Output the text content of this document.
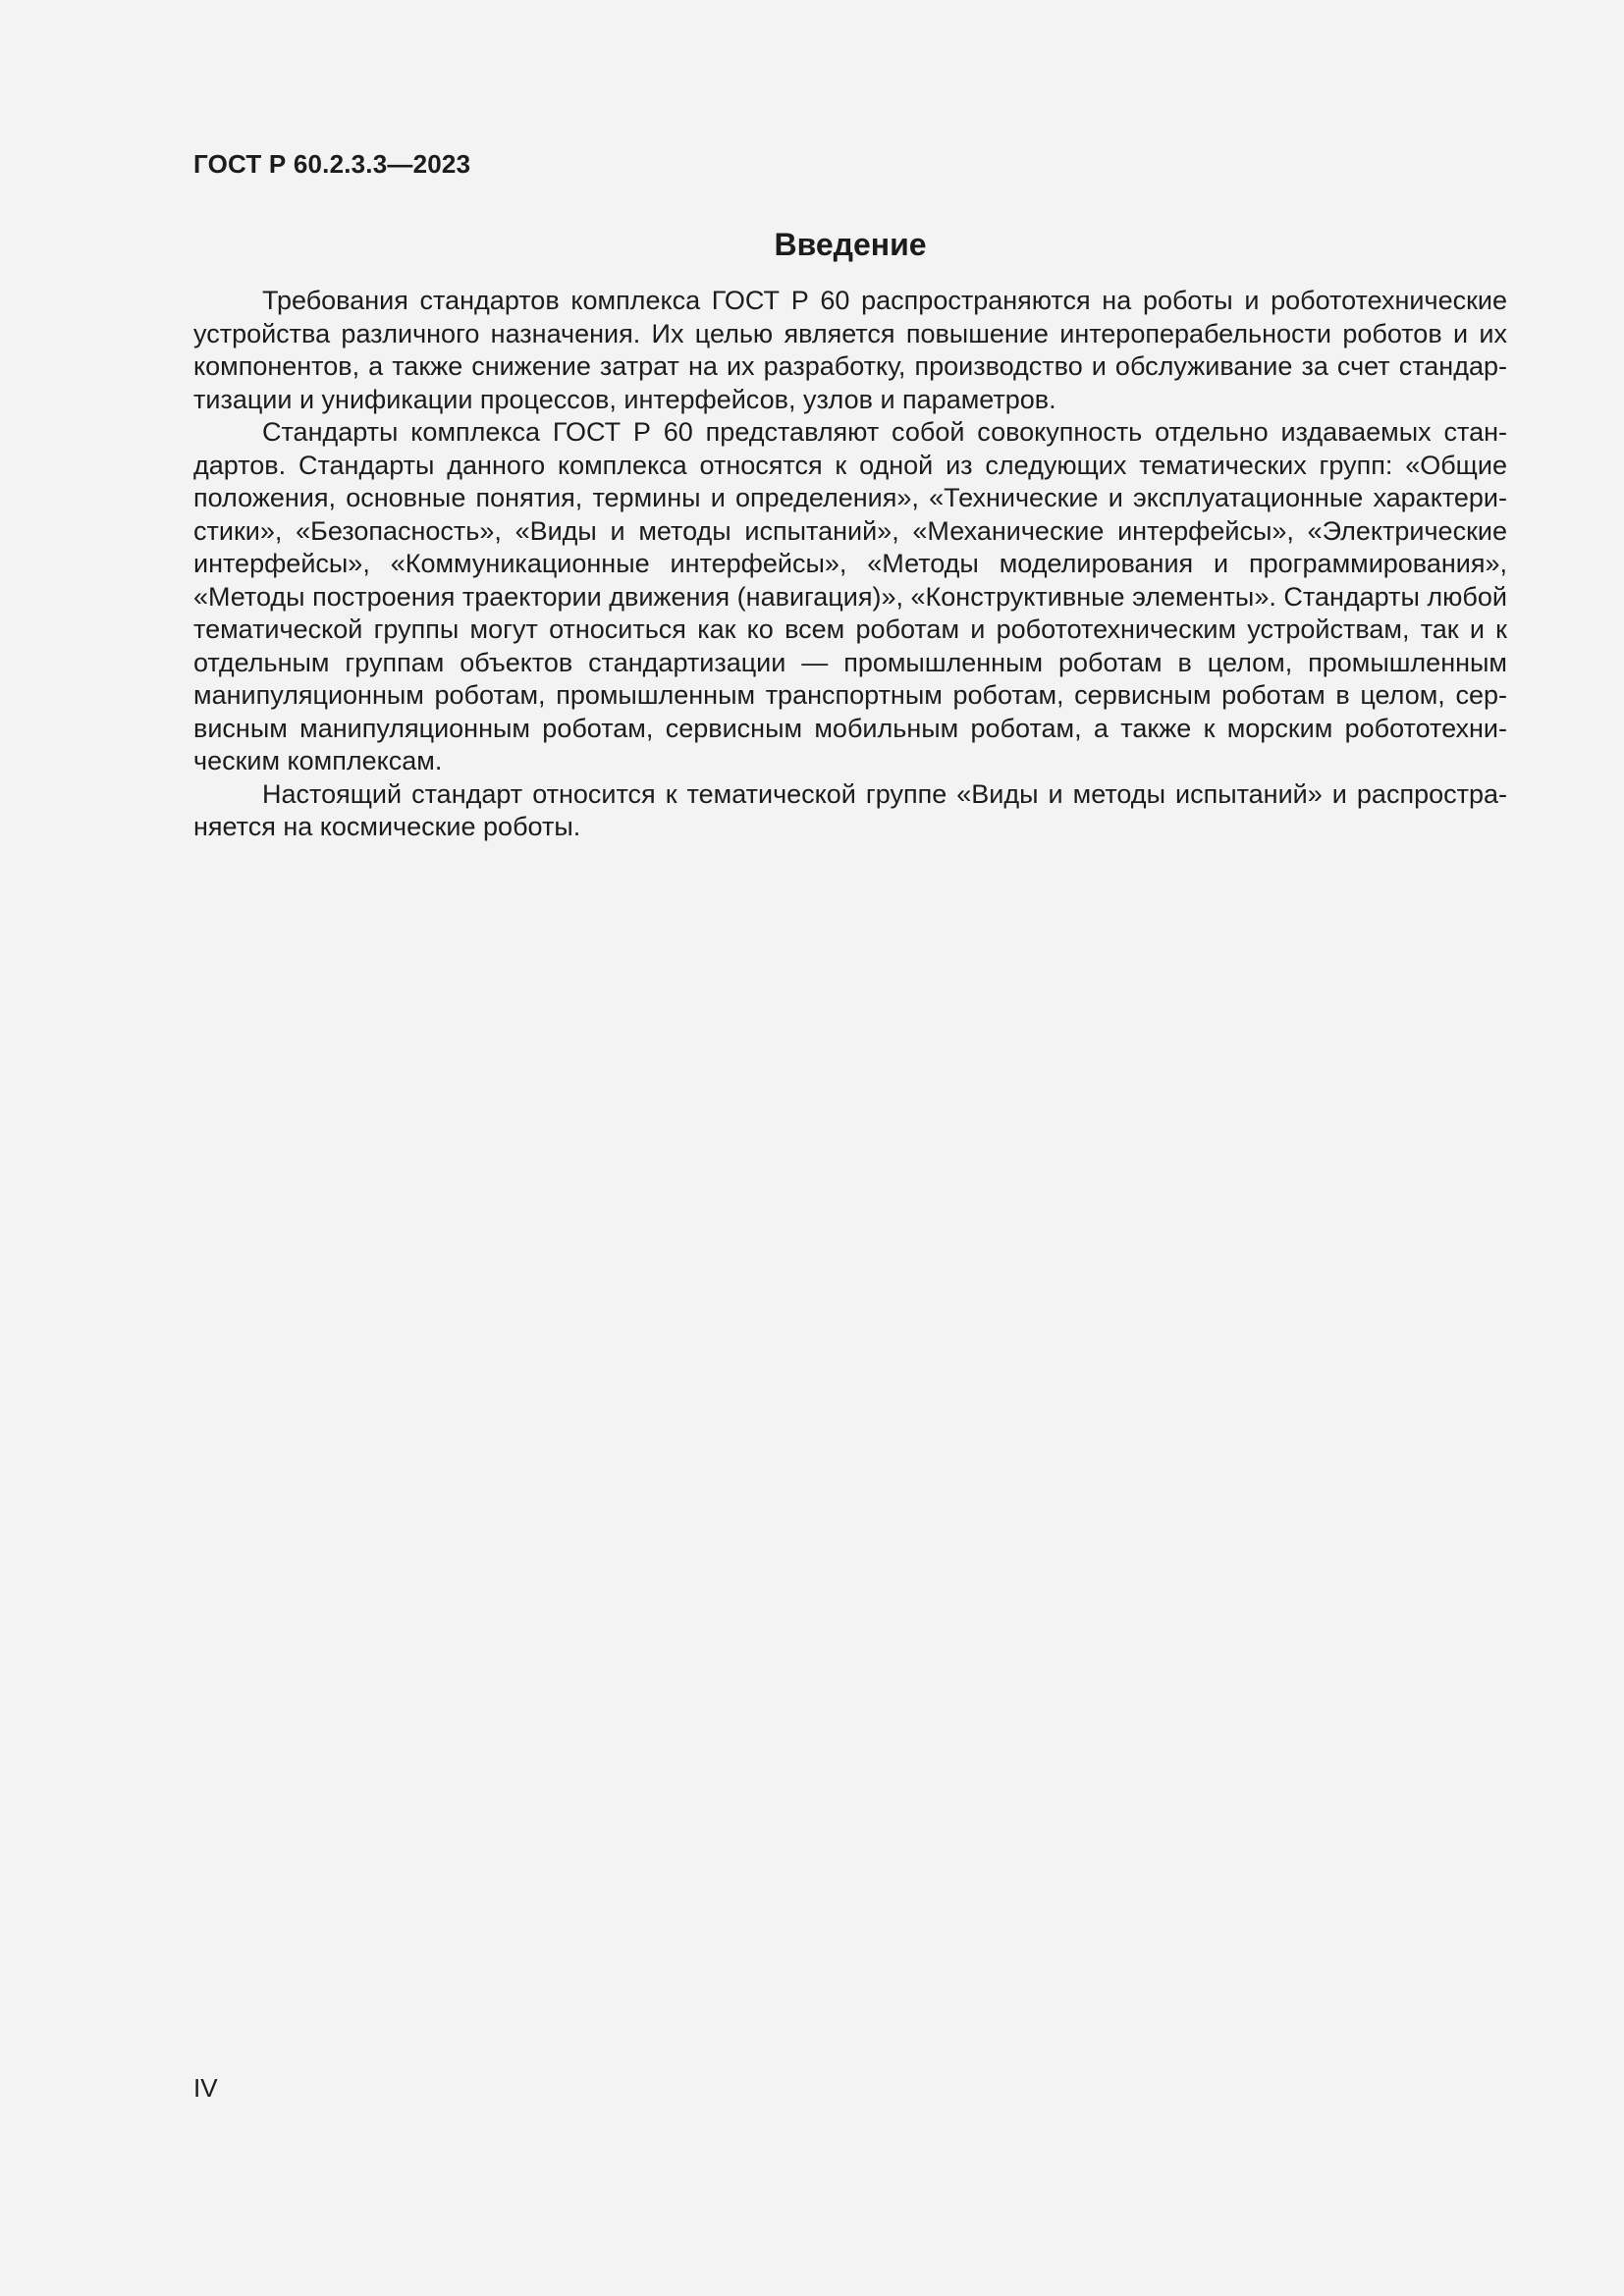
ГОСТ Р 60.2.3.3—2023
Введение

Требования стандартов комплекса ГОСТ Р 60 распространяются на роботы и робототехнические устройства различного назначения. Их целью является повышение интероперабельности роботов и их компонентов, а также снижение затрат на их разработку, производство и обслуживание за счет стандартизации и унификации процессов, интерфейсов, узлов и параметров.

Стандарты комплекса ГОСТ Р 60 представляют собой совокупность отдельно издаваемых стандартов. Стандарты данного комплекса относятся к одной из следующих тематических групп: «Общие положения, основные понятия, термины и определения», «Технические и эксплуатационные характеристики», «Безопасность», «Виды и методы испытаний», «Механические интерфейсы», «Электрические интерфейсы», «Коммуникационные интерфейсы», «Методы моделирования и программирования», «Методы построения траектории движения (навигация)», «Конструктивные элементы». Стандарты любой тематической группы могут относиться как ко всем роботам и робототехническим устройствам, так и к отдельным группам объектов стандартизации — промышленным роботам в целом, промышленным манипуляционным роботам, промышленным транспортным роботам, сервисным роботам в целом, сервисным манипуляционным роботам, сервисным мобильным роботам, а также к морским робототехническим комплексам.

Настоящий стандарт относится к тематической группе «Виды и методы испытаний» и распространяется на космические роботы.

IV
